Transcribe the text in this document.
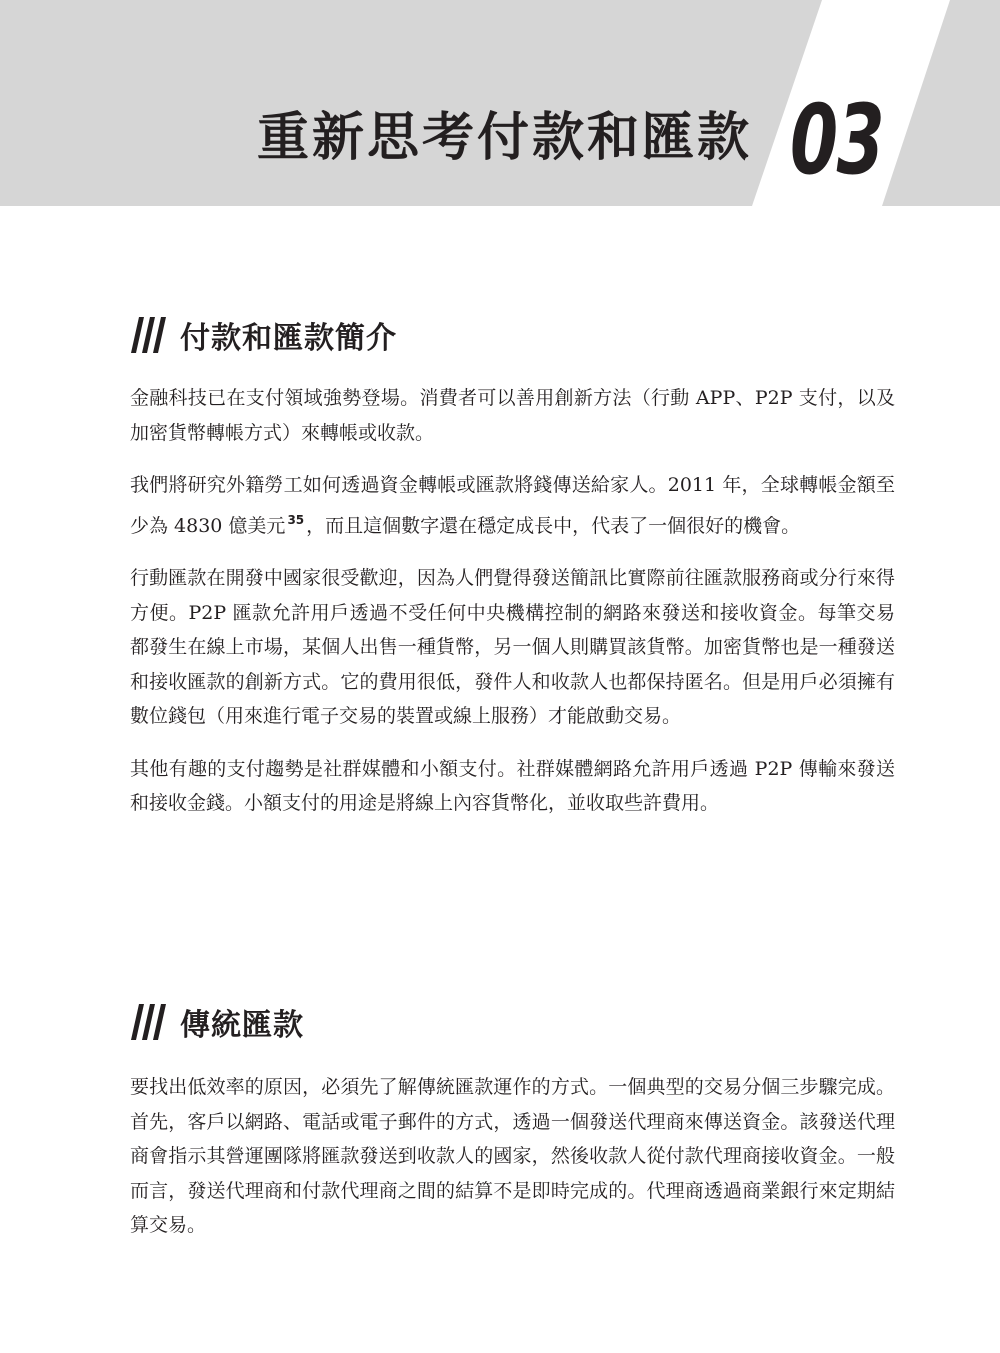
重新思考付款和匯款 03
付款和匯款簡介

金融科技已在支付領域強勢登場。消費者可以善用創新方法（行動 APP、P2P 支付，以及加密貨幣轉帳方式）來轉帳或收款。

我們將研究外籍勞工如何透過資金轉帳或匯款將錢傳送給家人。2011 年，全球轉帳金額至少為 4830 億美元 $^{35}$ ，而且這個數字還在穩定成長中，代表了一個很好的機會。

行動匯款在開發中國家很受歡迎，因為人們覺得發送簡訊比實際前往匯款服務商或分行來得方便。P2P 匯款允許用戶透過不受任何中央機構控制的網路來發送和接收資金。每筆交易都發生在線上市場，某個人出售一種貨幣，另一個人則購買該貨幣。加密貨幣也是一種發送和接收匯款的創新方式。它的費用很低，發件人和收款人也都保持匿名。但是用戶必須擁有數位錢包（用來進行電子交易的裝置或線上服務）才能啟動交易。

其他有趣的支付趨勢是社群媒體和小額支付。社群媒體網路允許用戶透過 P2P 傳輸來發送和接收金錢。小額支付的用途是將線上內容貨幣化，並收取些許費用。

傳統匯款

要找出低效率的原因，必須先了解傳統匯款運作的方式。一個典型的交易分個三步驟完成。首先，客戶以網路、電話或電子郵件的方式，透過一個發送代理商來傳送資金。該發送代理商會指示其營運團隊將匯款發送到收款人的國家，然後收款人從付款代理商接收資金。一般而言，發送代理商和付款代理商之間的結算不是即時完成的。代理商透過商業銀行來定期結算交易。
